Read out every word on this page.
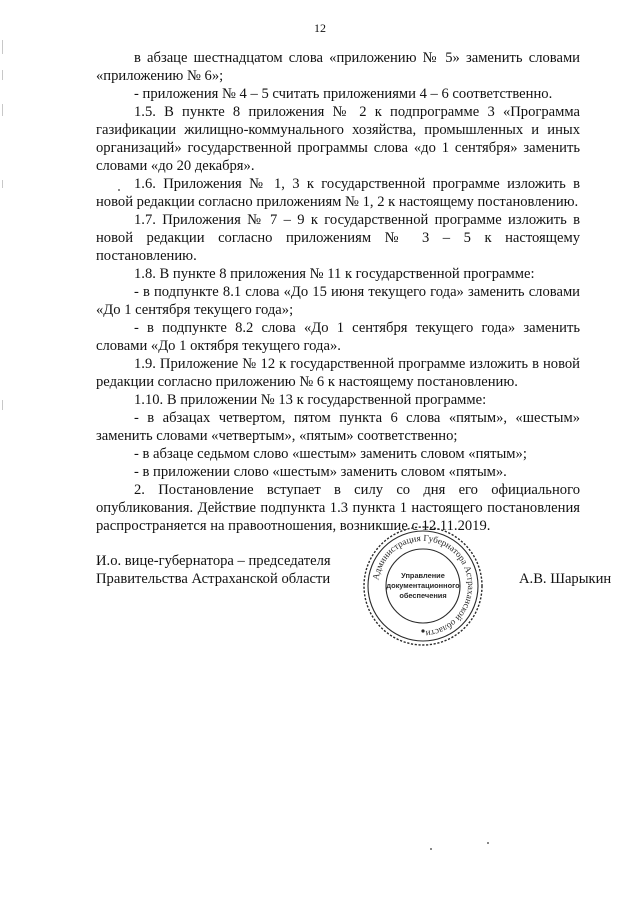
12

в абзаце шестнадцатом слова «приложению № 5» заменить словами «приложению № 6»;

- приложения № 4 – 5 считать приложениями 4 – 6 соответственно.

1.5. В пункте 8 приложения № 2 к подпрограмме 3 «Программа газификации жилищно-коммунального хозяйства, промышленных и иных организаций» государственной программы слова «до 1 сентября» заменить словами «до 20 декабря».

1.6. Приложения № 1, 3 к государственной программе изложить в новой редакции согласно приложениям № 1, 2 к настоящему постановлению.

1.7. Приложения № 7 – 9 к государственной программе изложить в новой редакции согласно приложениям № 3 – 5 к настоящему постановлению.

1.8. В пункте 8 приложения № 11 к государственной программе:

- в подпункте 8.1 слова «До 15 июня текущего года» заменить словами «До 1 сентября текущего года»;

- в подпункте 8.2 слова «До 1 сентября текущего года» заменить словами «До 1 октября текущего года».

1.9. Приложение № 12 к государственной программе изложить в новой редакции согласно приложению № 6 к настоящему постановлению.

1.10. В приложении № 13 к государственной программе:

- в абзацах четвертом, пятом пункта 6 слова «пятым», «шестым» заменить словами «четвертым», «пятым» соответственно;

- в абзаце седьмом слово «шестым» заменить словом «пятым»;

- в приложении слово «шестым» заменить словом «пятым».

2. Постановление вступает в силу со дня его официального опубликования. Действие подпункта 1.3 пункта 1 настоящего постановления распространяется на правоотношения, возникшие с 12.11.2019.

И.о. вице-губернатора – председателя
Правительства Астраханской области	Администрация Губернатора Астраханской области
Управление
документационного
обеспечения
А.В. Шарыкин
